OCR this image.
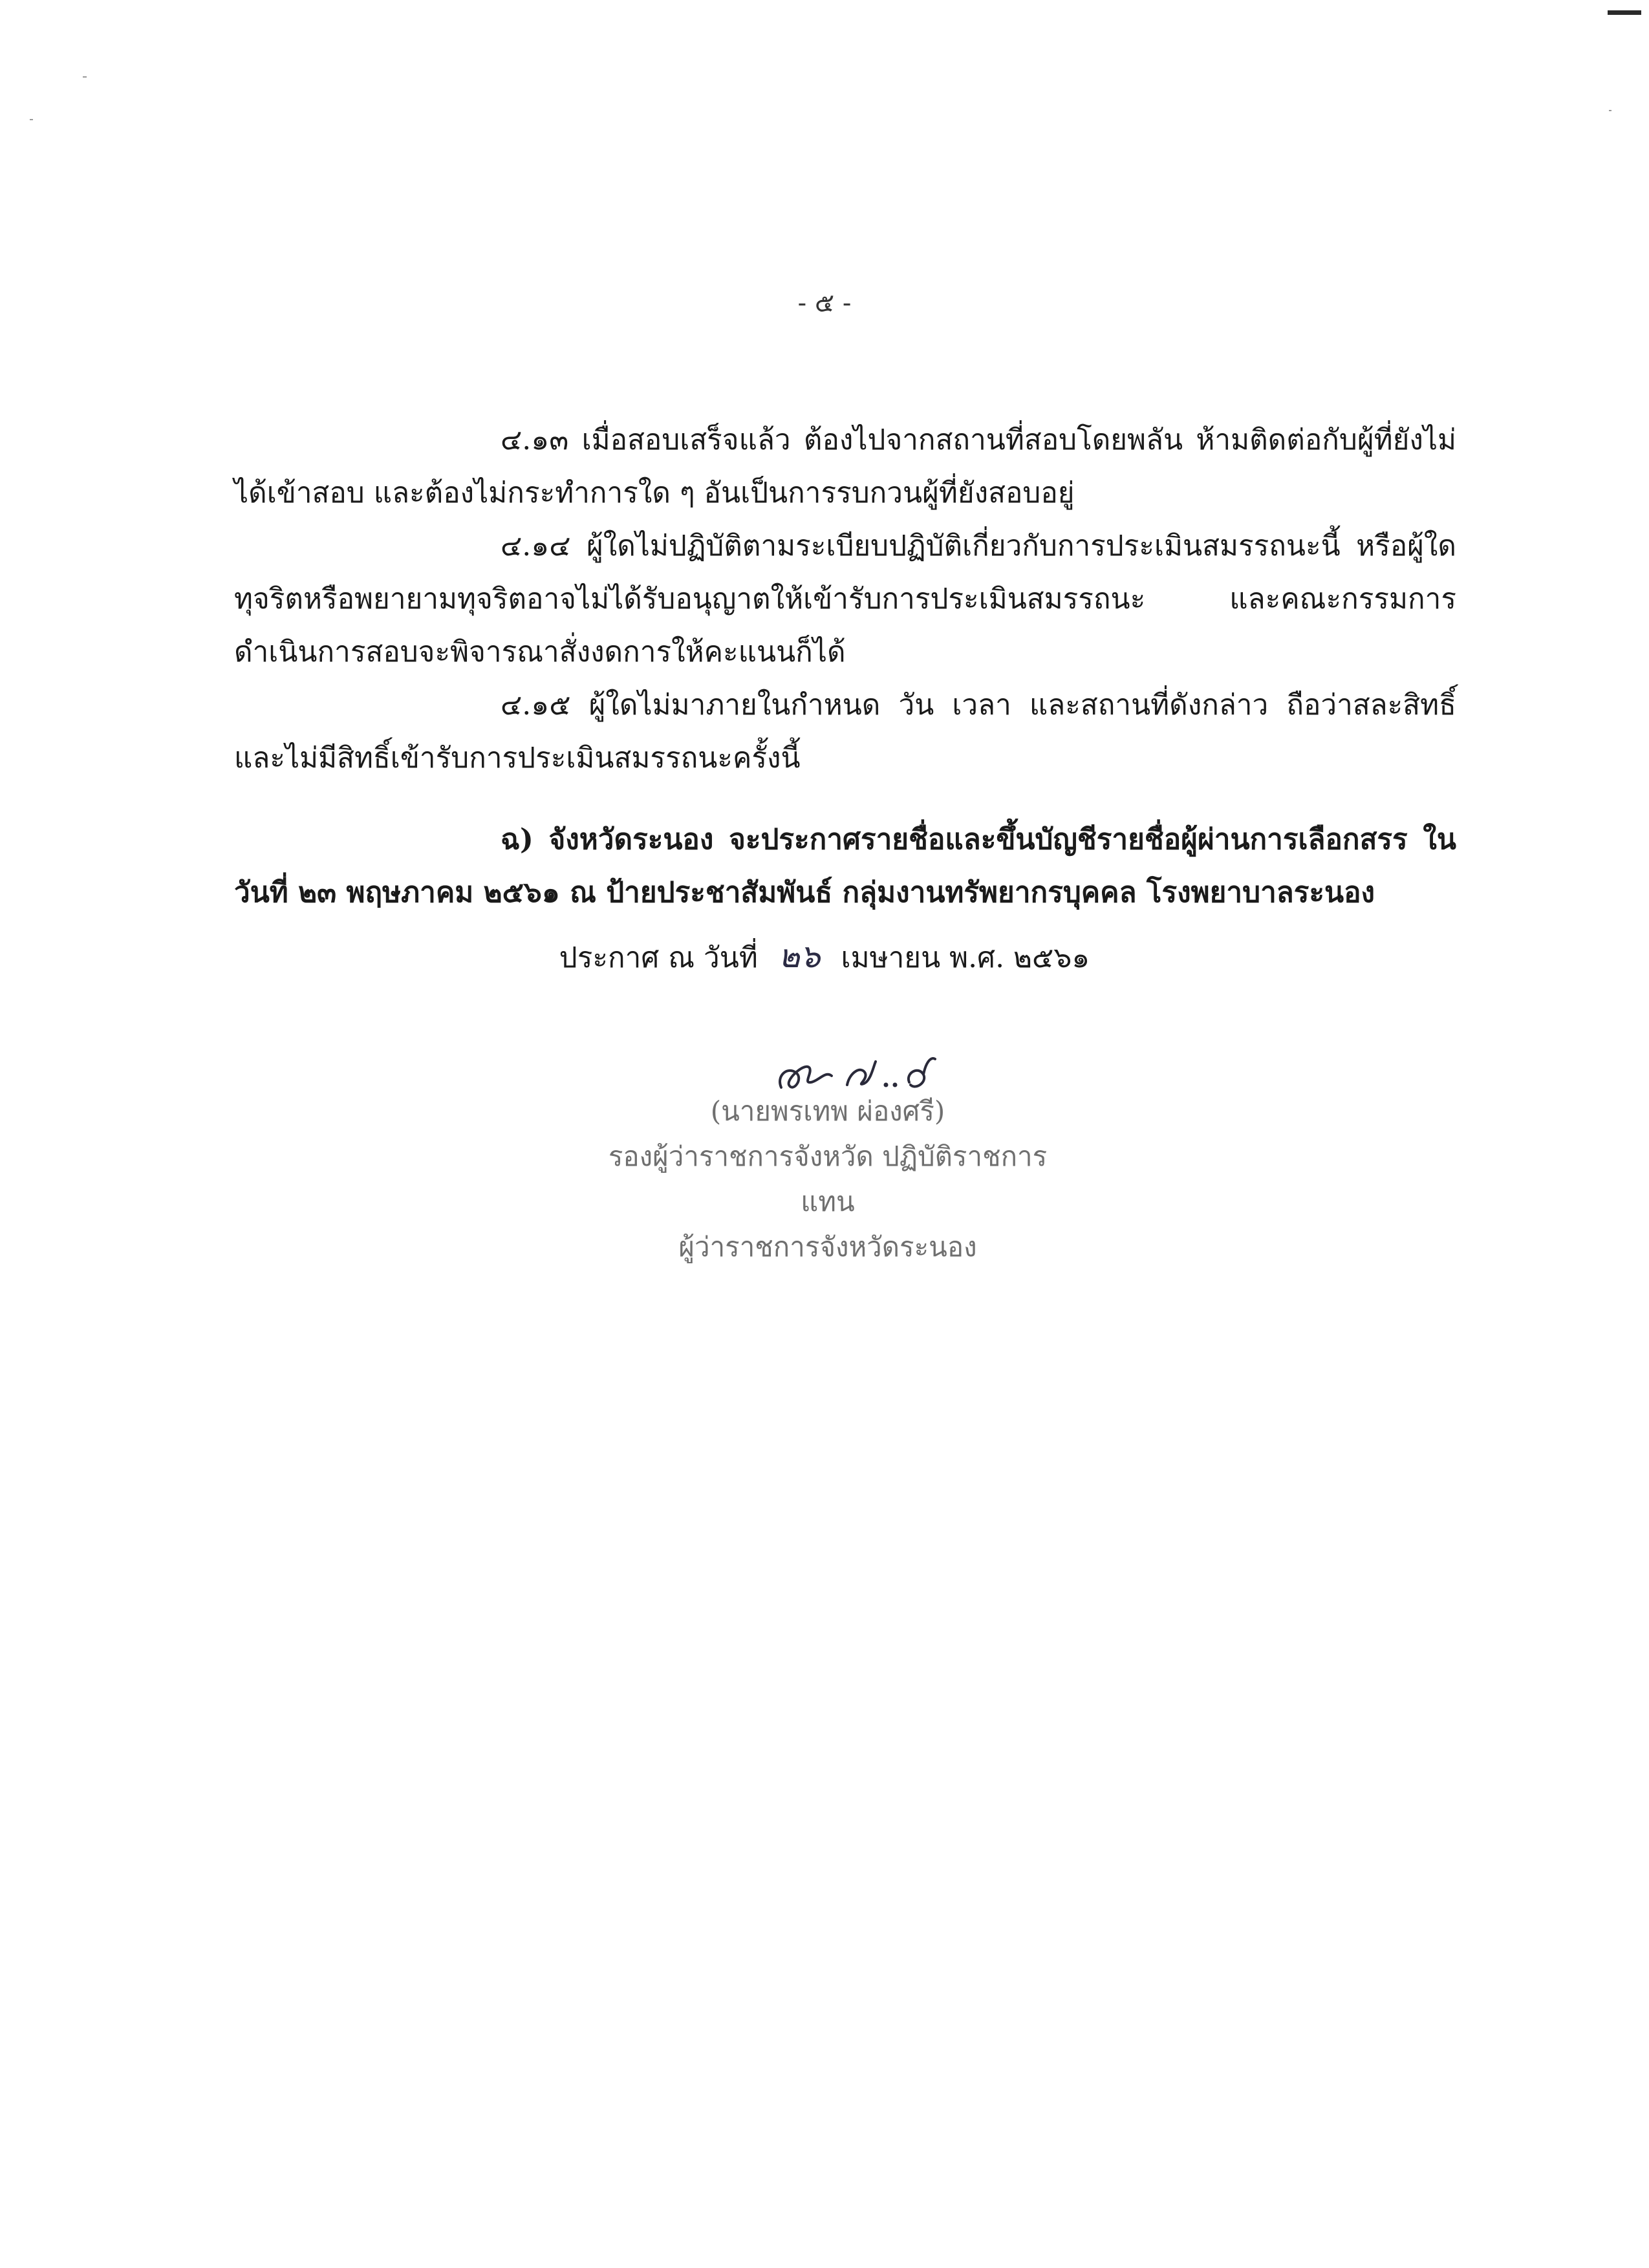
- ๕ -

๔.๑๓ เมื่อสอบเสร็จแล้ว ต้องไปจากสถานที่สอบโดยพลัน ห้ามติดต่อกับผู้ที่ยังไม่ได้เข้าสอบ และต้องไม่กระทำการใด ๆ อันเป็นการรบกวนผู้ที่ยังสอบอยู่

๔.๑๔ ผู้ใดไม่ปฏิบัติตามระเบียบปฏิบัติเกี่ยวกับการประเมินสมรรถนะนี้ หรือผู้ใดทุจริตหรือพยายามทุจริตอาจไม่ได้รับอนุญาตให้เข้ารับการประเมินสมรรถนะ และคณะกรรมการดำเนินการสอบจะพิจารณาสั่งงดการให้คะแนนก็ได้

๔.๑๕ ผู้ใดไม่มาภายในกำหนด วัน เวลา และสถานที่ดังกล่าว ถือว่าสละสิทธิ์ และไม่มีสิทธิ์เข้ารับการประเมินสมรรถนะครั้งนี้

ฉ) จังหวัดระนอง จะประกาศรายชื่อและขึ้นบัญชีรายชื่อผู้ผ่านการเลือกสรร ในวันที่ ๒๓ พฤษภาคม ๒๕๖๑ ณ ป้ายประชาสัมพันธ์ กลุ่มงานทรัพยากรบุคคล โรงพยาบาลระนอง

ประกาศ ณ วันที่ ๒๖ เมษายน พ.ศ. ๒๕๖๑
(นายพรเทพ ผ่องศรี)
รองผู้ว่าราชการจังหวัด ปฏิบัติราชการแทน
ผู้ว่าราชการจังหวัดระนอง
